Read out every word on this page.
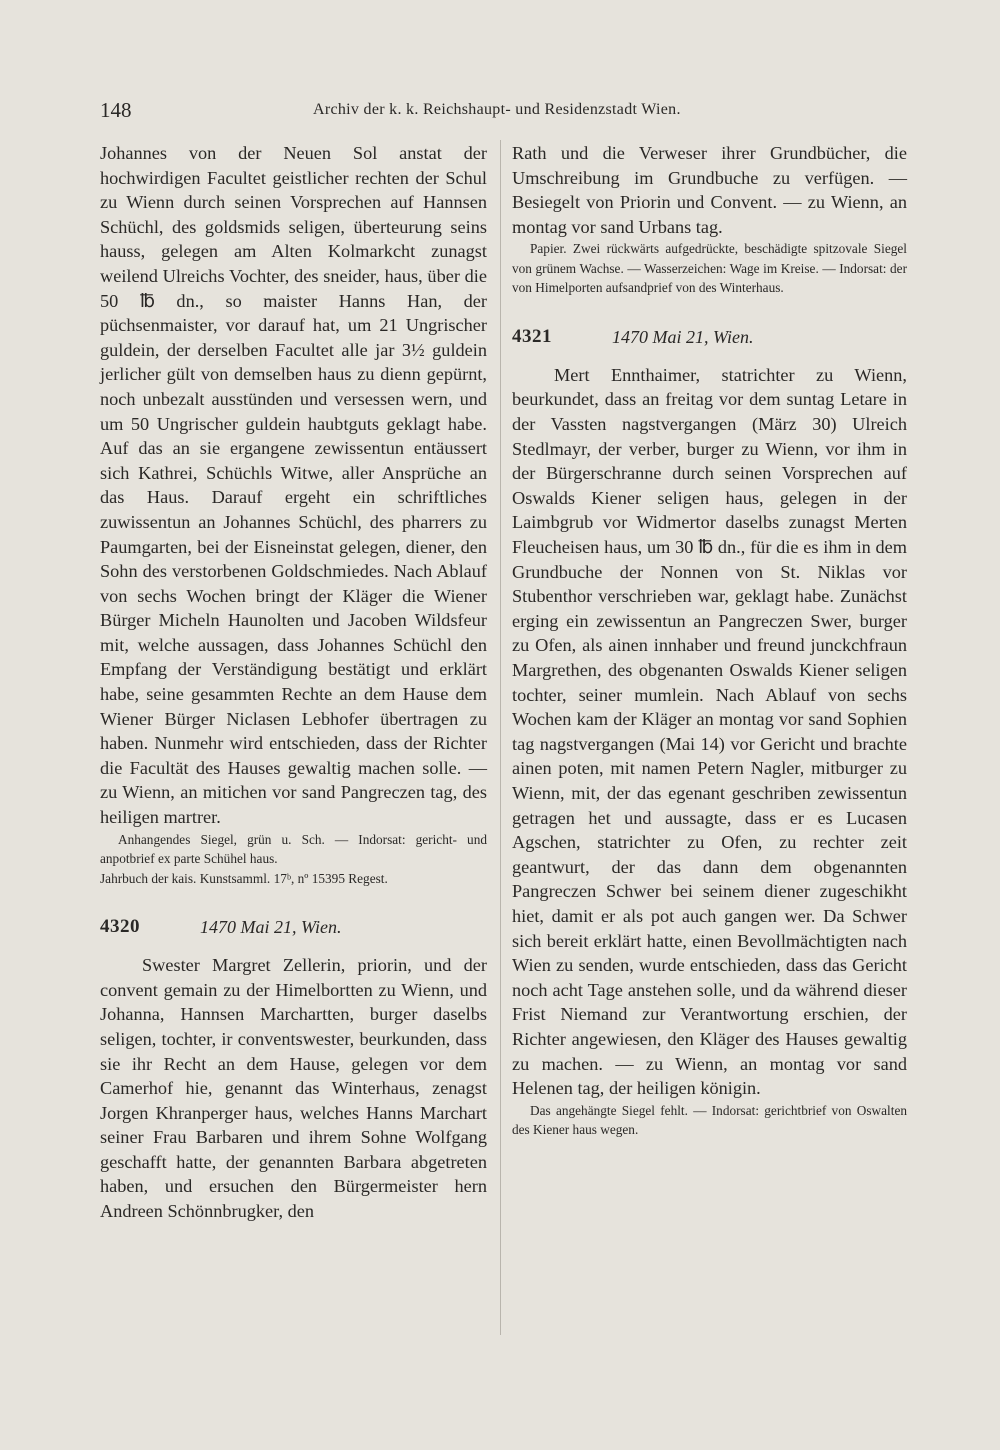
148	Archiv der k. k. Reichshaupt- und Residenzstadt Wien.

Johannes von der Neuen Sol anstat der hochwirdigen Facultet geistlicher rechten der Schul zu Wienn durch seinen Vorsprechen auf Hannsen Schüchl, des goldsmids seligen, überteurung seins hauss, gelegen am Alten Kolmarkcht zunagst weilend Ulreichs Vochter, des sneider, haus, über die 50 ℔ dn., so maister Hanns Han, der püchsenmaister, vor darauf hat, um 21 Ungrischer guldein, der derselben Facultet alle jar 3½ guldein jerlicher gült von demselben haus zu dienn gepürnt, noch unbezalt ausstünden und versessen wern, und um 50 Ungrischer guldein haubtguts geklagt habe. Auf das an sie ergangene zewissentun entäussert sich Kathrei, Schüchls Witwe, aller Ansprüche an das Haus. Darauf ergeht ein schriftliches zuwissentun an Johannes Schüchl, des pharrers zu Paumgarten, bei der Eisneinstat gelegen, diener, den Sohn des verstorbenen Goldschmiedes. Nach Ablauf von sechs Wochen bringt der Kläger die Wiener Bürger Micheln Haunolten und Jacoben Wildsfeur mit, welche aussagen, dass Johannes Schüchl den Empfang der Verständigung bestätigt und erklärt habe, seine gesammten Rechte an dem Hause dem Wiener Bürger Niclasen Lebhofer übertragen zu haben. Nunmehr wird entschieden, dass der Richter die Facultät des Hauses gewaltig machen solle. — zu Wienn, an mitichen vor sand Pangreczen tag, des heiligen martrer.

Anhangendes Siegel, grün u. Sch. — Indorsat: gericht- und anpotbrief ex parte Schühel haus.

Jahrbuch der kais. Kunstsamml. 17ᵇ, nº 15395 Regest.

4320	1470 Mai 21, Wien.

Swester Margret Zellerin, priorin, und der convent gemain zu der Himelbortten zu Wienn, und Johanna, Hannsen Marchartten, burger daselbs seligen, tochter, ir conventswester, beurkunden, dass sie ihr Recht an dem Hause, gelegen vor dem Camerhof hie, genannt das Winterhaus, zenagst Jorgen Khranperger haus, welches Hanns Marchart seiner Frau Barbaren und ihrem Sohne Wolfgang geschafft hatte, der genannten Barbara abgetreten haben, und ersuchen den Bürgermeister hern Andreen Schönnbrugker, den

Rath und die Verweser ihrer Grundbücher, die Umschreibung im Grundbuche zu verfügen. — Besiegelt von Priorin und Convent. — zu Wienn, an montag vor sand Urbans tag.

Papier. Zwei rückwärts aufgedrückte, beschädigte spitzovale Siegel von grünem Wachse. — Wasserzeichen: Wage im Kreise. — Indorsat: der von Himelporten aufsandprief von des Winterhaus.

4321	1470 Mai 21, Wien.

Mert Ennthaimer, statrichter zu Wienn, beurkundet, dass an freitag vor dem suntag Letare in der Vassten nagstvergangen (März 30) Ulreich Stedlmayr, der verber, burger zu Wienn, vor ihm in der Bürgerschranne durch seinen Vorsprechen auf Oswalds Kiener seligen haus, gelegen in der Laimbgrub vor Widmertor daselbs zunagst Merten Fleucheisen haus, um 30 ℔ dn., für die es ihm in dem Grundbuche der Nonnen von St. Niklas vor Stubenthor verschrieben war, geklagt habe. Zunächst erging ein zewissentun an Pangreczen Swer, burger zu Ofen, als ainen innhaber und freund junckchfraun Margrethen, des obgenanten Oswalds Kiener seligen tochter, seiner mumlein. Nach Ablauf von sechs Wochen kam der Kläger an montag vor sand Sophien tag nagstvergangen (Mai 14) vor Gericht und brachte ainen poten, mit namen Petern Nagler, mitburger zu Wienn, mit, der das egenant geschriben zewissentun getragen het und aussagte, dass er es Lucasen Agschen, statrichter zu Ofen, zu rechter zeit geantwurt, der das dann dem obgenannten Pangreczen Schwer bei seinem diener zugeschikht hiet, damit er als pot auch gangen wer. Da Schwer sich bereit erklärt hatte, einen Bevollmächtigten nach Wien zu senden, wurde entschieden, dass das Gericht noch acht Tage anstehen solle, und da während dieser Frist Niemand zur Verantwortung erschien, der Richter angewiesen, den Kläger des Hauses gewaltig zu machen. — zu Wienn, an montag vor sand Helenen tag, der heiligen königin.

Das angehängte Siegel fehlt. — Indorsat: gerichtbrief von Oswalten des Kiener haus wegen.
